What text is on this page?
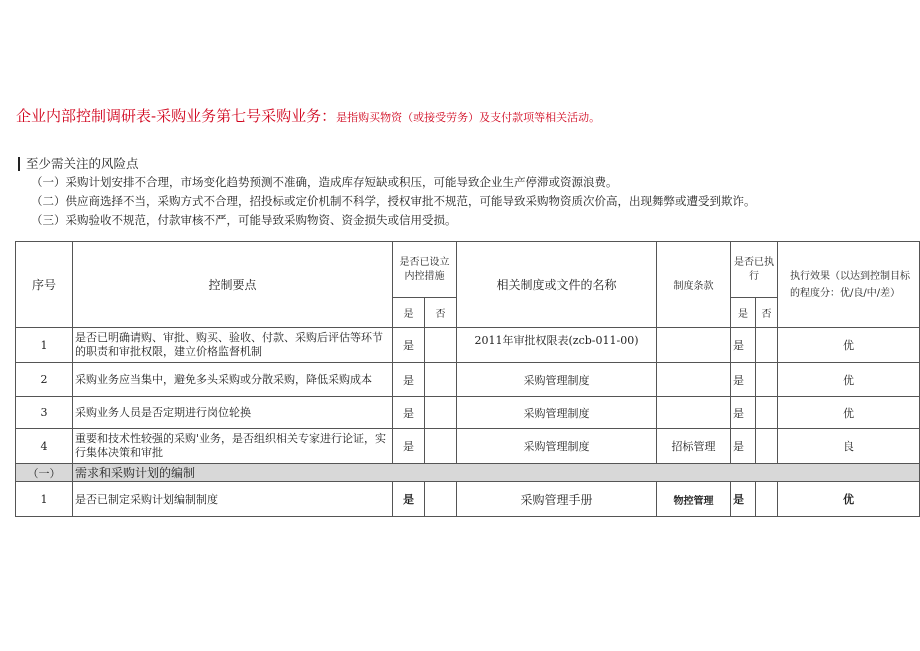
企业内部控制调研表-采购业务第七号采购业务：是指购买物资（或接受劳务）及支付款项等相关活动。
至少需关注的风险点
（一）采购计划安排不合理，市场变化趋势预测不准确，造成库存短缺或积压，可能导致企业生产停滞或资源浪费。
（二）供应商选择不当，采购方式不合理，招投标或定价机制不科学，授权审批不规范，可能导致采购物资质次价高，出现舞弊或遭受到欺诈。
（三）采购验收不规范，付款审核不严，可能导致采购物资、资金损失或信用受损。
序号	控制要点	是否已设立内控措施		相关制度或文件的名称	制度条款	是否已执行		执行效果（以达到控制目标的程度分：优/良/中/差）
		是	否			是	否	
1	是否已明确请购、审批、购买、验收、付款、采购后评估等环节的职责和审批权限，建立价格监督机制	是		2011年审批权限表(zcb-011-00)		是		优
2	采购业务应当集中，避免多头采购或分散采购，降低采购成本	是		采购管理制度		是		优
3	采购业务人员是否定期进行岗位轮换	是		采购管理制度		是		优
4	重要和技术性较强的采购'业务，是否组织相关专家进行论证，实行集体决策和审批	是		采购管理制度	招标管理	是		良
（一）	需求和采购计划的编制							
1	是否已制定采购计划编制制度	是		采购管理手册	物控管理	是		优
